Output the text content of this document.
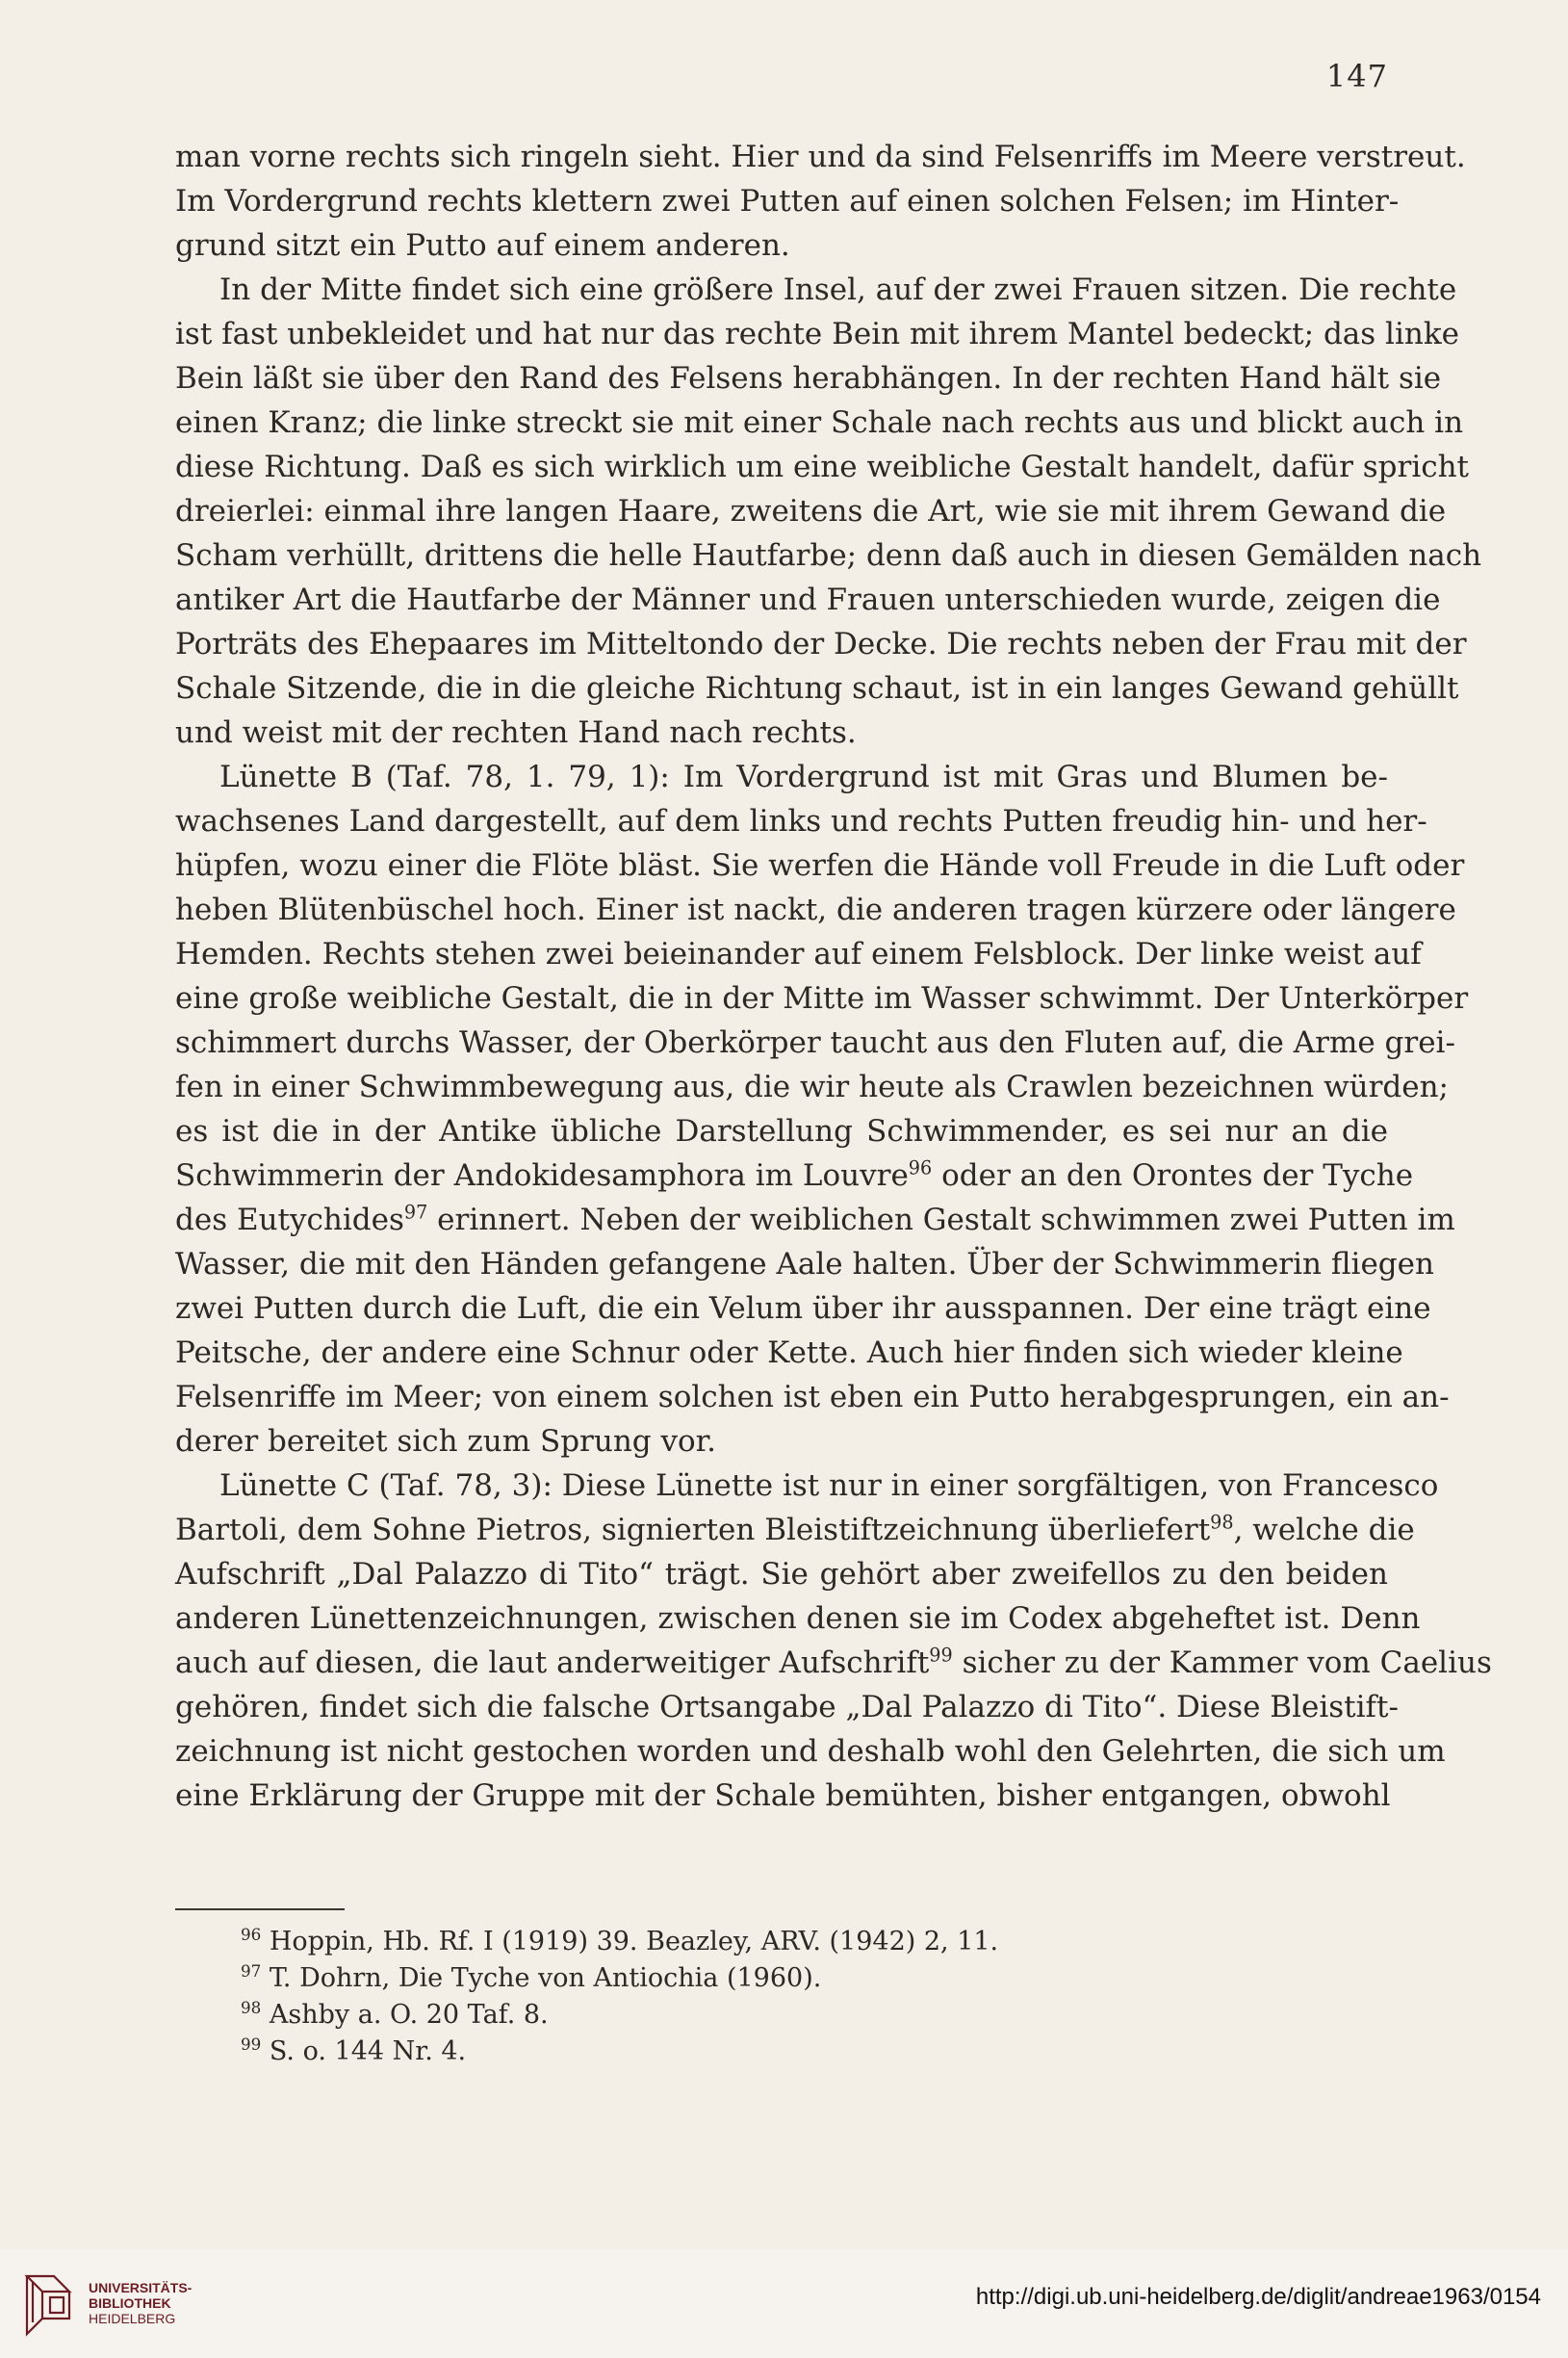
147
man vorne rechts sich ringeln sieht. Hier und da sind Felsenriffs im Meere verstreut.
Im Vordergrund rechts klettern zwei Putten auf einen solchen Felsen; im Hinter-
grund sitzt ein Putto auf einem anderen.
In der Mitte findet sich eine größere Insel, auf der zwei Frauen sitzen. Die rechte
ist fast unbekleidet und hat nur das rechte Bein mit ihrem Mantel bedeckt; das linke
Bein läßt sie über den Rand des Felsens herabhängen. In der rechten Hand hält sie
einen Kranz; die linke streckt sie mit einer Schale nach rechts aus und blickt auch in
diese Richtung. Daß es sich wirklich um eine weibliche Gestalt handelt, dafür spricht
dreierlei: einmal ihre langen Haare, zweitens die Art, wie sie mit ihrem Gewand die
Scham verhüllt, drittens die helle Hautfarbe; denn daß auch in diesen Gemälden nach
antiker Art die Hautfarbe der Männer und Frauen unterschieden wurde, zeigen die
Porträts des Ehepaares im Mitteltondo der Decke. Die rechts neben der Frau mit der
Schale Sitzende, die in die gleiche Richtung schaut, ist in ein langes Gewand gehüllt
und weist mit der rechten Hand nach rechts.
Lünette B (Taf. 78, 1. 79, 1): Im Vordergrund ist mit Gras und Blumen be-
wachsenes Land dargestellt, auf dem links und rechts Putten freudig hin- und her-
hüpfen, wozu einer die Flöte bläst. Sie werfen die Hände voll Freude in die Luft oder
heben Blütenbüschel hoch. Einer ist nackt, die anderen tragen kürzere oder längere
Hemden. Rechts stehen zwei beieinander auf einem Felsblock. Der linke weist auf
eine große weibliche Gestalt, die in der Mitte im Wasser schwimmt. Der Unterkörper
schimmert durchs Wasser, der Oberkörper taucht aus den Fluten auf, die Arme grei-
fen in einer Schwimmbewegung aus, die wir heute als Crawlen bezeichnen würden;
es ist die in der Antike übliche Darstellung Schwimmender, es sei nur an die
Schwimmerin der Andokidesamphora im Louvre$^{96}$ oder an den Orontes der Tyche
des Eutychides$^{97}$ erinnert. Neben der weiblichen Gestalt schwimmen zwei Putten im
Wasser, die mit den Händen gefangene Aale halten. Über der Schwimmerin fliegen
zwei Putten durch die Luft, die ein Velum über ihr ausspannen. Der eine trägt eine
Peitsche, der andere eine Schnur oder Kette. Auch hier finden sich wieder kleine
Felsenriffe im Meer; von einem solchen ist eben ein Putto herabgesprungen, ein an-
derer bereitet sich zum Sprung vor.
Lünette C (Taf. 78, 3): Diese Lünette ist nur in einer sorgfältigen, von Francesco
Bartoli, dem Sohne Pietros, signierten Bleistiftzeichnung überliefert$^{98}$, welche die
Aufschrift „Dal Palazzo di Tito“ trägt. Sie gehört aber zweifellos zu den beiden
anderen Lünettenzeichnungen, zwischen denen sie im Codex abgeheftet ist. Denn
auch auf diesen, die laut anderweitiger Aufschrift$^{99}$ sicher zu der Kammer vom Caelius
gehören, findet sich die falsche Ortsangabe „Dal Palazzo di Tito“. Diese Bleistift-
zeichnung ist nicht gestochen worden und deshalb wohl den Gelehrten, die sich um
eine Erklärung der Gruppe mit der Schale bemühten, bisher entgangen, obwohl
$^{96}$ Hoppin, Hb. Rf. I (1919) 39. Beazley, ARV. (1942) 2, 11.
$^{97}$ T. Dohrn, Die Tyche von Antiochia (1960).
$^{98}$ Ashby a. O. 20 Taf. 8.
$^{99}$ S. o. 144 Nr. 4.
UNIVERSITÄTS-
BIBLIOTHEK
HEIDELBERG
http://digi.ub.uni-heidelberg.de/diglit/andreae1963/0154
